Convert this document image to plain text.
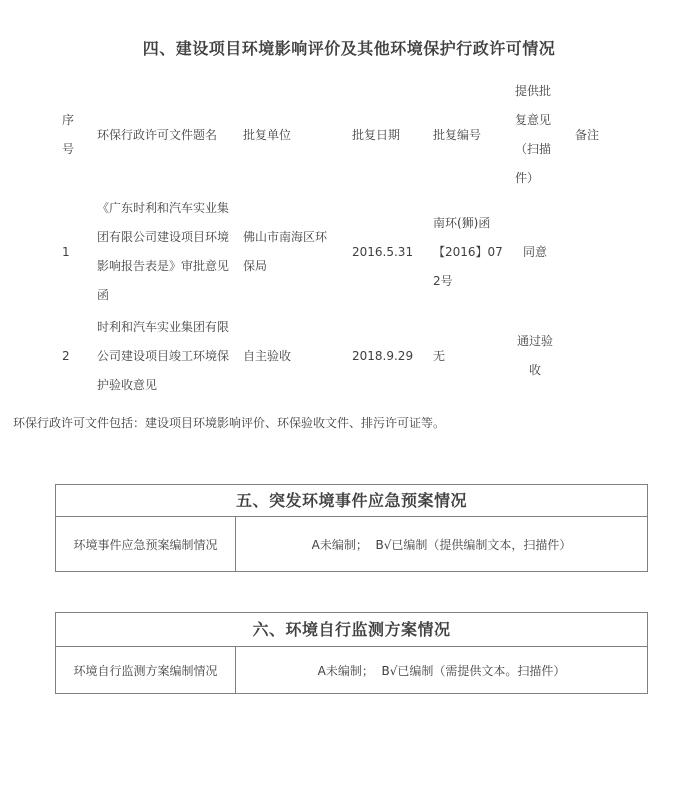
四、建设项目环境影响评价及其他环境保护行政许可情况
序号	环保行政许可文件题名	批复单位	批复日期	批复编号	提供批复意见（扫描件）	备注
1	《广东时利和汽车实业集团有限公司建设项目环境影响报告表是》审批意见函	佛山市南海区环保局	2016.5.31	南环(狮)函【2016】072号	同意	
2	时利和汽车实业集团有限公司建设项目竣工环境保护验收意见	自主验收	2018.9.29	无	通过验收	
环保行政许可文件包括：建设项目环境影响评价、环保验收文件、排污许可证等。
五、突发环境事件应急预案情况
环境事件应急预案编制情况	A未编制；  B√已编制（提供编制文本，扫描件）
六、环境自行监测方案情况
环境自行监测方案编制情况	A未编制；  B√已编制（需提供文本。扫描件）
